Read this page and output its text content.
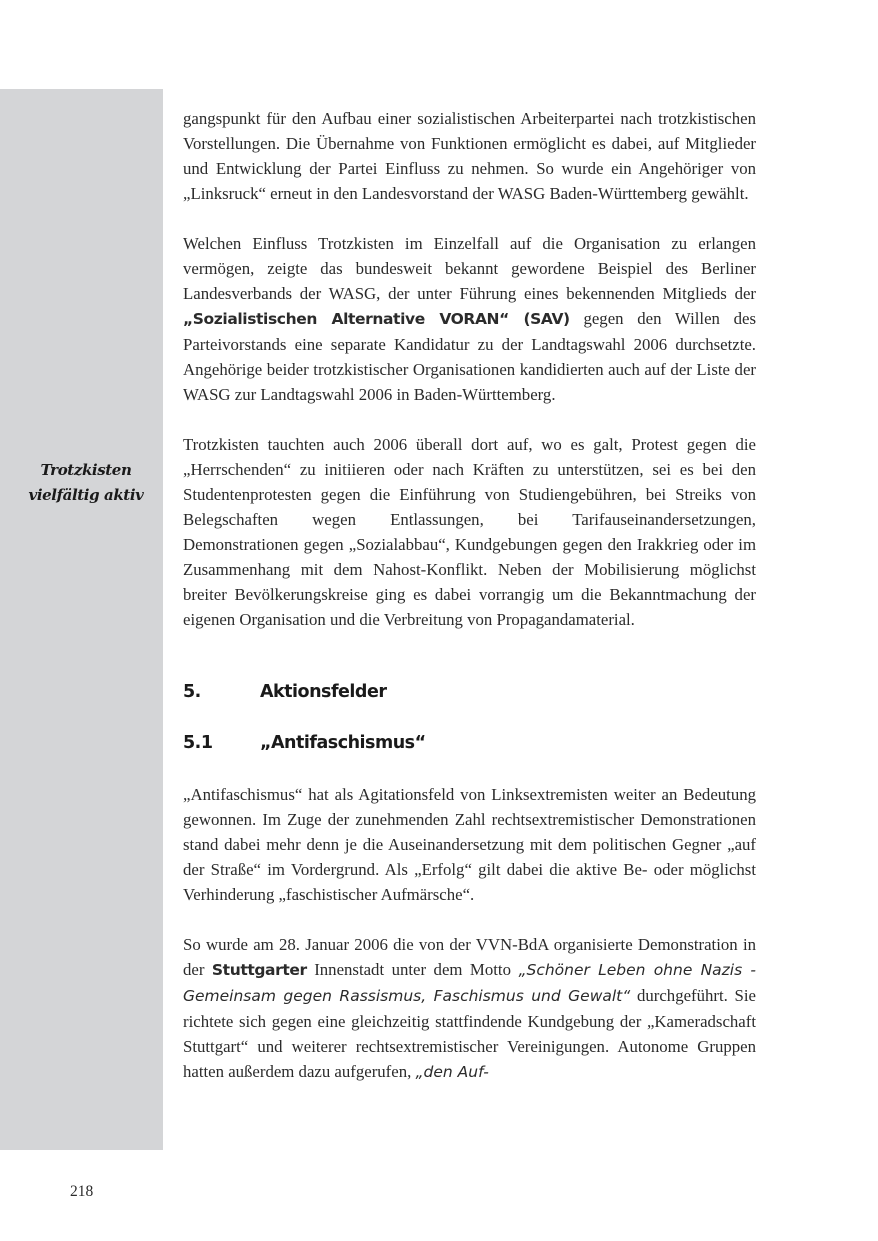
Trotzkisten
vielfältig aktiv

gangspunkt für den Aufbau einer sozialistischen Arbeiterpartei nach trotzkistischen Vorstellungen. Die Übernahme von Funktionen ermöglicht es dabei, auf Mitglieder und Entwicklung der Partei Einfluss zu nehmen. So wurde ein Angehöriger von „Linksruck“ erneut in den Landesvorstand der WASG Baden-Württemberg gewählt.

Welchen Einfluss Trotzkisten im Einzelfall auf die Organisation zu erlangen vermögen, zeigte das bundesweit bekannt gewordene Beispiel des Berliner Landesverbands der WASG, der unter Führung eines bekennenden Mitglieds der „Sozialistischen Alternative VORAN“ (SAV) gegen den Willen des Parteivorstands eine separate Kandidatur zu der Landtagswahl 2006 durchsetzte. Angehörige beider trotzkistischer Organisationen kandidierten auch auf der Liste der WASG zur Landtagswahl 2006 in Baden-Württemberg.

Trotzkisten tauchten auch 2006 überall dort auf, wo es galt, Protest gegen die „Herrschenden“ zu initiieren oder nach Kräften zu unterstützen, sei es bei den Studentenprotesten gegen die Einführung von Studiengebühren, bei Streiks von Belegschaften wegen Entlassungen, bei Tarifauseinandersetzungen, Demonstrationen gegen „Sozialabbau“, Kundgebungen gegen den Irakkrieg oder im Zusammenhang mit dem Nahost-Konflikt. Neben der Mobilisierung möglichst breiter Bevölkerungskreise ging es dabei vorrangig um die Bekanntmachung der eigenen Organisation und die Verbreitung von Propagandamaterial.

5.	Aktionsfelder
5.1	„Antifaschismus“

„Antifaschismus“ hat als Agitationsfeld von Linksextremisten weiter an Bedeutung gewonnen. Im Zuge der zunehmenden Zahl rechtsextremistischer Demonstrationen stand dabei mehr denn je die Auseinandersetzung mit dem politischen Gegner „auf der Straße“ im Vordergrund. Als „Erfolg“ gilt dabei die aktive Be- oder möglichst Verhinderung „faschistischer Aufmärsche“.

So wurde am 28. Januar 2006 die von der VVN-BdA organisierte Demonstration in der Stuttgarter Innenstadt unter dem Motto „Schöner Leben ohne Nazis - Gemeinsam gegen Rassismus, Faschismus und Gewalt“ durchgeführt. Sie richtete sich gegen eine gleichzeitig stattfindende Kundgebung der „Kameradschaft Stuttgart“ und weiterer rechtsextremistischer Vereinigungen. Autonome Gruppen hatten außerdem dazu aufgerufen, „den Auf-

218
